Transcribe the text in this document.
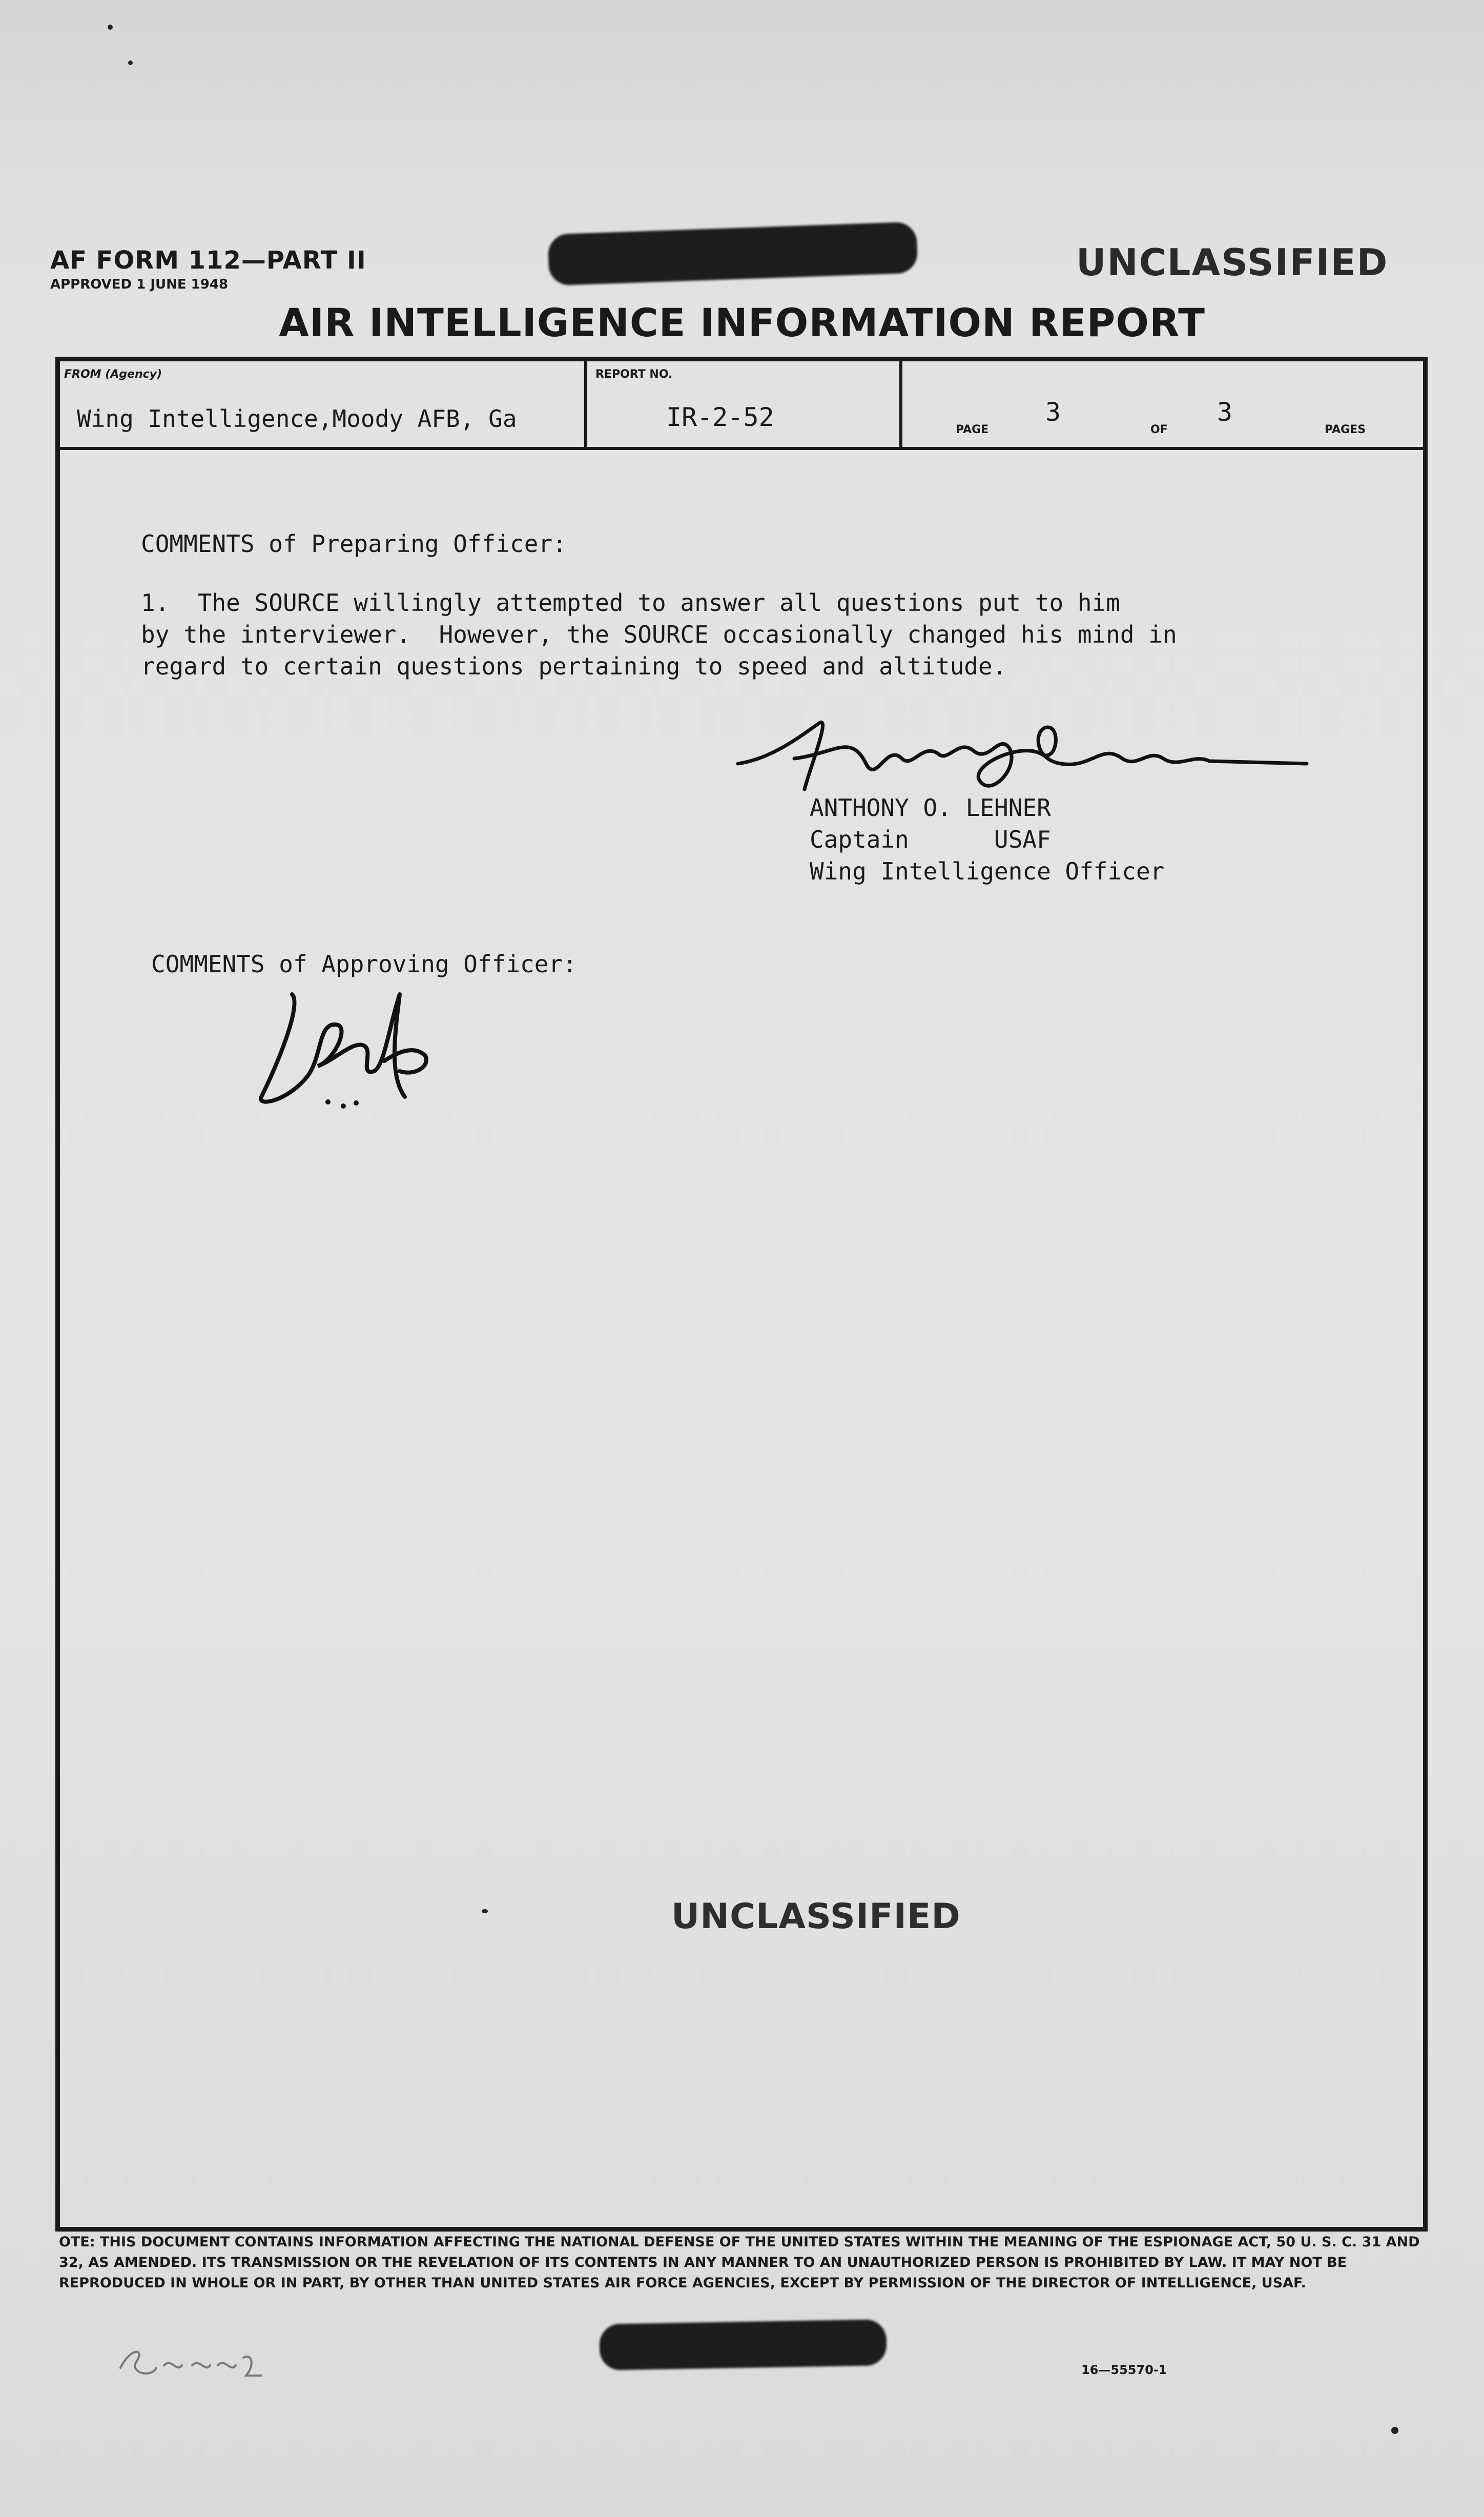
AF FORM 112—PART II
APPROVED 1 JUNE 1948
UNCLASSIFIED
AIR INTELLIGENCE INFORMATION REPORT
FROM (Agency)
Wing Intelligence,Moody AFB, Ga
REPORT NO.
IR-2-52	PAGE
3
OF
3
PAGES
COMMENTS of Preparing Officer:
1.  The SOURCE willingly attempted to answer all questions put to him
by the interviewer.  However, the SOURCE occasionally changed his mind in
regard to certain questions pertaining to speed and altitude.
ANTHONY O. LEHNER
Captain      USAF
Wing Intelligence Officer
COMMENTS of Approving Officer:
UNCLASSIFIED
OTE: THIS DOCUMENT CONTAINS INFORMATION AFFECTING THE NATIONAL DEFENSE OF THE UNITED STATES WITHIN THE MEANING OF THE ESPIONAGE ACT, 50 U. S. C. 31 AND 32, AS AMENDED. ITS TRANSMISSION OR THE REVELATION OF ITS CONTENTS IN ANY MANNER TO AN UNAUTHORIZED PERSON IS PROHIBITED BY LAW. IT MAY NOT BE REPRODUCED IN WHOLE OR IN PART, BY OTHER THAN UNITED STATES AIR FORCE AGENCIES, EXCEPT BY PERMISSION OF THE DIRECTOR OF INTELLIGENCE, USAF.
16—55570-1
